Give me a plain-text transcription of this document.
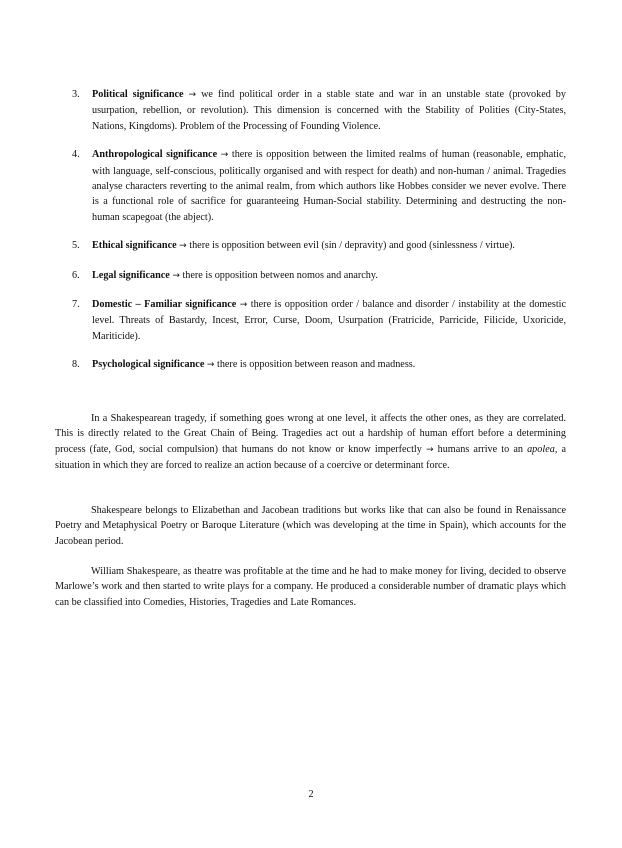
3. Political significance → we find political order in a stable state and war in an unstable state (provoked by usurpation, rebellion, or revolution). This dimension is concerned with the Stability of Polities (City-States, Nations, Kingdoms). Problem of the Processing of Founding Violence.
4. Anthropological significance → there is opposition between the limited realms of human (reasonable, emphatic, with language, self-conscious, politically organised and with respect for death) and non-human / animal. Tragedies analyse characters reverting to the animal realm, from which authors like Hobbes consider we never evolve. There is a functional role of sacrifice for guaranteeing Human-Social stability. Determining and destructing the non-human scapegoat (the abject).
5. Ethical significance → there is opposition between evil (sin / depravity) and good (sinlessness / virtue).
6. Legal significance → there is opposition between nomos and anarchy.
7. Domestic – Familiar significance → there is opposition order / balance and disorder / instability at the domestic level. Threats of Bastardy, Incest, Error, Curse, Doom, Usurpation (Fratricide, Parricide, Filicide, Uxoricide, Mariticide).
8. Psychological significance → there is opposition between reason and madness.

In a Shakespearean tragedy, if something goes wrong at one level, it affects the other ones, as they are correlated. This is directly related to the Great Chain of Being. Tragedies act out a hardship of human effort before a determining process (fate, God, social compulsion) that humans do not know or know imperfectly → humans arrive to an apolea, a situation in which they are forced to realize an action because of a coercive or determinant force.

Shakespeare belongs to Elizabethan and Jacobean traditions but works like that can also be found in Renaissance Poetry and Metaphysical Poetry or Baroque Literature (which was developing at the time in Spain), which accounts for the Jacobean period.

William Shakespeare, as theatre was profitable at the time and he had to make money for living, decided to observe Marlowe’s work and then started to write plays for a company. He produced a considerable number of dramatic plays which can be classified into Comedies, Histories, Tragedies and Late Romances.

2
